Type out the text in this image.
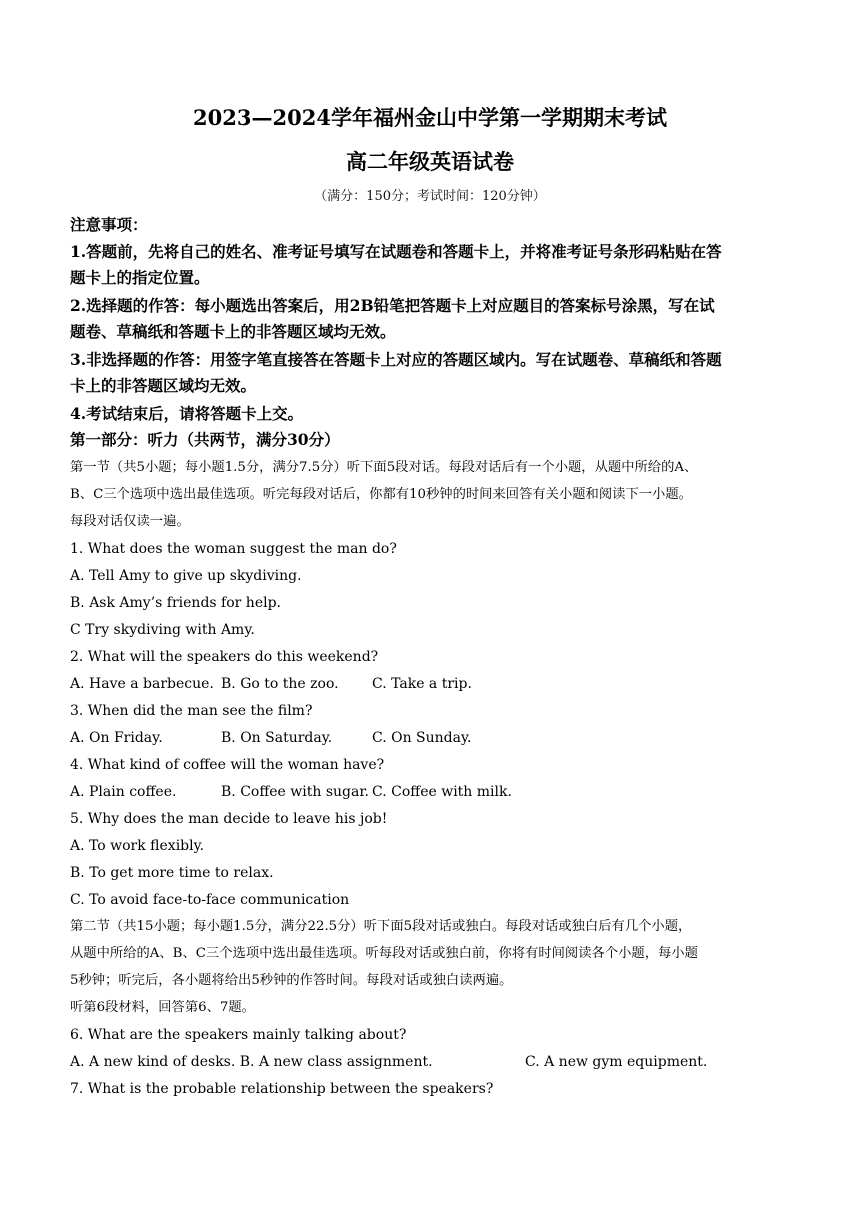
2023—2024学年福州金山中学第一学期期末考试
高二年级英语试卷
（满分：150分；考试时间：120分钟）
注意事项：
1.答题前，先将自己的姓名、准考证号填写在试题卷和答题卡上，并将准考证号条形码粘贴在答
题卡上的指定位置。
2.选择题的作答：每小题选出答案后，用2B铅笔把答题卡上对应题目的答案标号涂黑，写在试
题卷、草稿纸和答题卡上的非答题区域均无效。
3.非选择题的作答：用签字笔直接答在答题卡上对应的答题区域内。写在试题卷、草稿纸和答题
卡上的非答题区域均无效。
4.考试结束后，请将答题卡上交。
第一部分：听力（共两节，满分30分）
第一节（共5小题；每小题1.5分，满分7.5分）听下面5段对话。每段对话后有一个小题，从题中所给的A、
B、C三个选项中选出最佳选项。听完每段对话后，你都有10秒钟的时间来回答有关小题和阅读下一小题。
每段对话仅读一遍。
1. What does the woman suggest the man do?
A. Tell Amy to give up skydiving.
B. Ask Amy’s friends for help.
C Try skydiving with Amy.
2. What will the speakers do this weekend?
A. Have a barbecue. B. Go to the zoo. C. Take a trip.
3. When did the man see the film?
A. On Friday.	B. On Saturday.	C. On Sunday.
4. What kind of coffee will the woman have?
A. Plain coffee.	B. Coffee with sugar. C. Coffee with milk.
5. Why does the man decide to leave his job!
A. To work flexibly.
B. To get more time to relax.
C. To avoid face-to-face communication
第二节（共15小题；每小题1.5分，满分22.5分）听下面5段对话或独白。每段对话或独白后有几个小题，
从题中所给的A、B、C三个选项中选出最佳选项。听每段对话或独白前，你将有时间阅读各个小题，每小题
5秒钟；听完后，各小题将给出5秒钟的作答时间。每段对话或独白读两遍。
听第6段材料，回答第6、7题。
6. What are the speakers mainly talking about?
A. A new kind of desks. B. A new class assignment.	C. A new gym equipment.
7. What is the probable relationship between the speakers?
